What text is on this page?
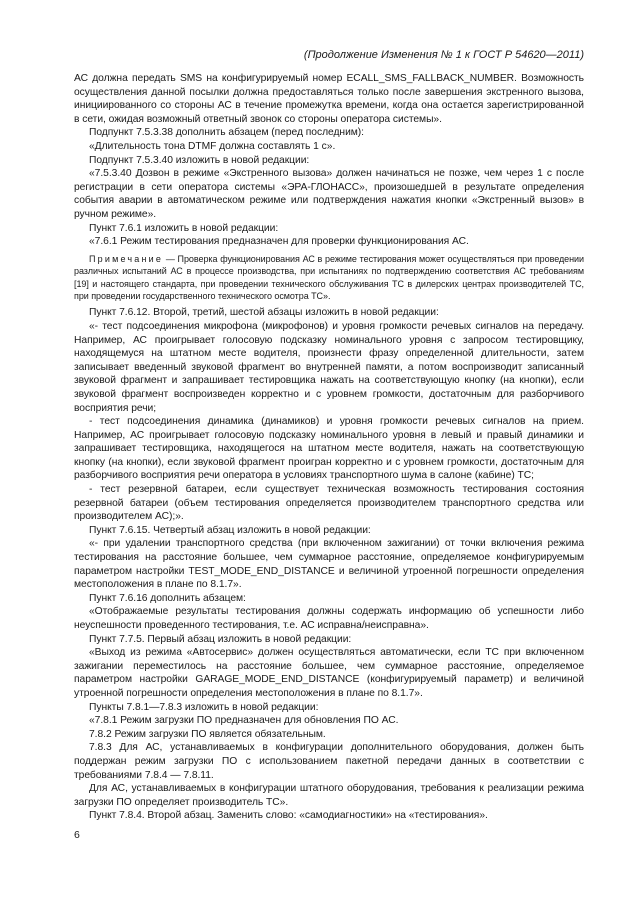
(Продолжение Изменения № 1 к ГОСТ Р 54620—2011)

АС должна передать SMS на конфигурируемый номер ECALL_SMS_FALLBACK_NUMBER. Возможность осуществления данной посылки должна предоставляться только после завершения экстренного вызова, инициированного со стороны АС в течение промежутка времени, когда она остается зарегистрированной в сети, ожидая возможный ответный звонок со стороны оператора системы».

Подпункт 7.5.3.38 дополнить абзацем (перед последним):

«Длительность тона DTMF должна составлять 1 с».

Подпункт 7.5.3.40 изложить в новой редакции:

«7.5.3.40 Дозвон в режиме «Экстренного вызова» должен начинаться не позже, чем через 1 с после регистрации в сети оператора системы «ЭРА-ГЛОНАСС», произошедшей в результате определения события аварии в автоматическом режиме или подтверждения нажатия кнопки «Экстренный вызов» в ручном режиме».

Пункт 7.6.1 изложить в новой редакции:

«7.6.1 Режим тестирования предназначен для проверки функционирования АС.

Примечание — Проверка функционирования АС в режиме тестирования может осуществляться при проведении различных испытаний АС в процессе производства, при испытаниях по подтверждению соответствия АС требованиям [19] и настоящего стандарта, при проведении технического обслуживания ТС в дилерских центрах производителей ТС, при проведении государственного технического осмотра ТС».

Пункт 7.6.12. Второй, третий, шестой абзацы изложить в новой редакции:

«- тест подсоединения микрофона (микрофонов) и уровня громкости речевых сигналов на передачу. Например, АС проигрывает голосовую подсказку номинального уровня с запросом тестировщику, находящемуся на штатном месте водителя, произнести фразу определенной длительности, затем записывает введенный звуковой фрагмент во внутренней памяти, а потом воспроизводит записанный звуковой фрагмент и запрашивает тестировщика нажать на соответствующую кнопку (на кнопки), если звуковой фрагмент воспроизведен корректно и с уровнем громкости, достаточным для разборчивого восприятия речи;

- тест подсоединения динамика (динамиков) и уровня громкости речевых сигналов на прием. Например, АС проигрывает голосовую подсказку номинального уровня в левый и правый динамики и запрашивает тестировщика, находящегося на штатном месте водителя, нажать на соответствующую кнопку (на кнопки), если звуковой фрагмент проигран корректно и с уровнем громкости, достаточным для разборчивого восприятия речи оператора в условиях транспортного шума в салоне (кабине) ТС;

- тест резервной батареи, если существует техническая возможность тестирования состояния резервной батареи (объем тестирования определяется производителем транспортного средства или производителем АС);».

Пункт 7.6.15. Четвертый абзац изложить в новой редакции:

«- при удалении транспортного средства (при включенном зажигании) от точки включения режима тестирования на расстояние большее, чем суммарное расстояние, определяемое конфигурируемым параметром настройки TEST_MODE_END_DISTANCE и величиной утроенной погрешности определения местоположения в плане по 8.1.7».

Пункт 7.6.16 дополнить абзацем:

«Отображаемые результаты тестирования должны содержать информацию об успешности либо неуспешности проведенного тестирования, т.е. АС исправна/неисправна».

Пункт 7.7.5. Первый абзац изложить в новой редакции:

«Выход из режима «Автосервис» должен осуществляться автоматически, если ТС при включенном зажигании переместилось на расстояние большее, чем суммарное расстояние, определяемое параметром настройки GARAGE_MODE_END_DISTANCE (конфигурируемый параметр) и величиной утроенной погрешности определения местоположения в плане по 8.1.7».

Пункты 7.8.1—7.8.3 изложить в новой редакции:

«7.8.1 Режим загрузки ПО предназначен для обновления ПО АС.

7.8.2 Режим загрузки ПО является обязательным.

7.8.3 Для АС, устанавливаемых в конфигурации дополнительного оборудования, должен быть поддержан режим загрузки ПО с использованием пакетной передачи данных в соответствии с требованиями 7.8.4 — 7.8.11.

Для АС, устанавливаемых в конфигурации штатного оборудования, требования к реализации режима загрузки ПО определяет производитель ТС».

Пункт 7.8.4. Второй абзац. Заменить слово: «самодиагностики» на «тестирования».

6
